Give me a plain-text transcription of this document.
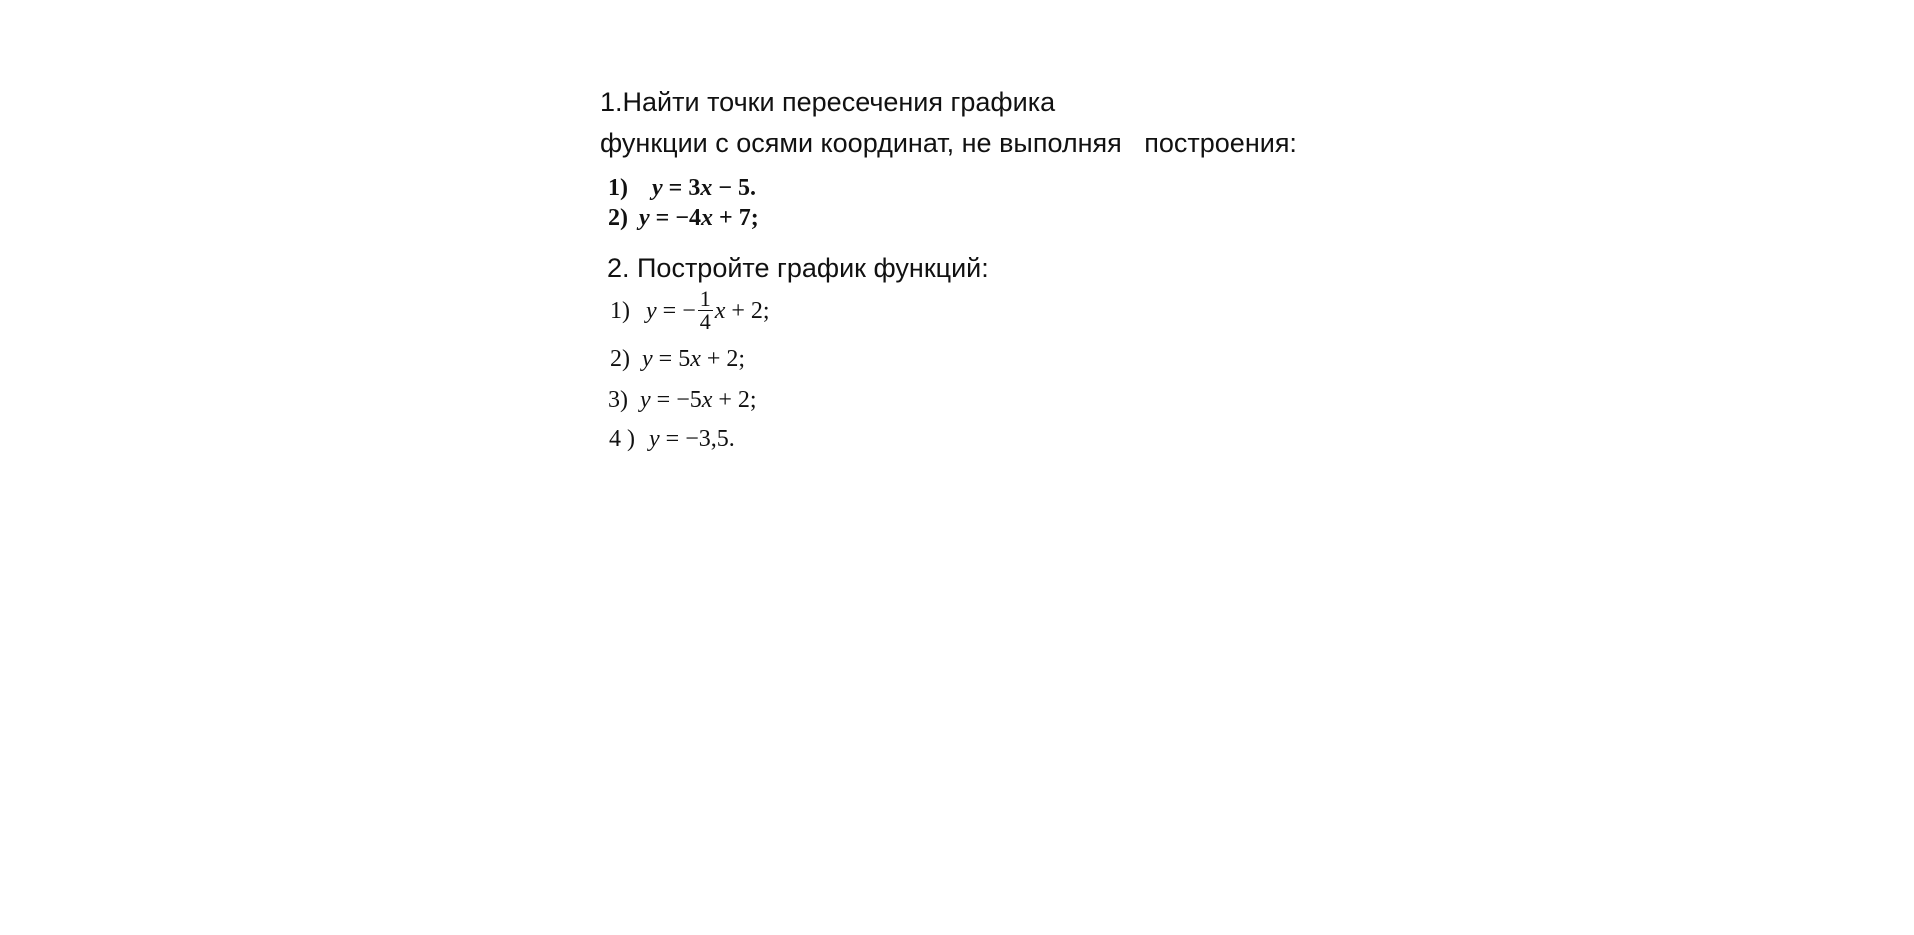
1.Найти точки пересечения графика
функции с осями координат, не выполняя   построения:
1) y = 3x − 5.
2) y = −4x + 7;
2. Постройте график функций:
1) y = − $\frac{1}{4}$ x + 2;
2) y = 5x + 2;
3) y = −5x + 2;
4 ) y = −3,5.
